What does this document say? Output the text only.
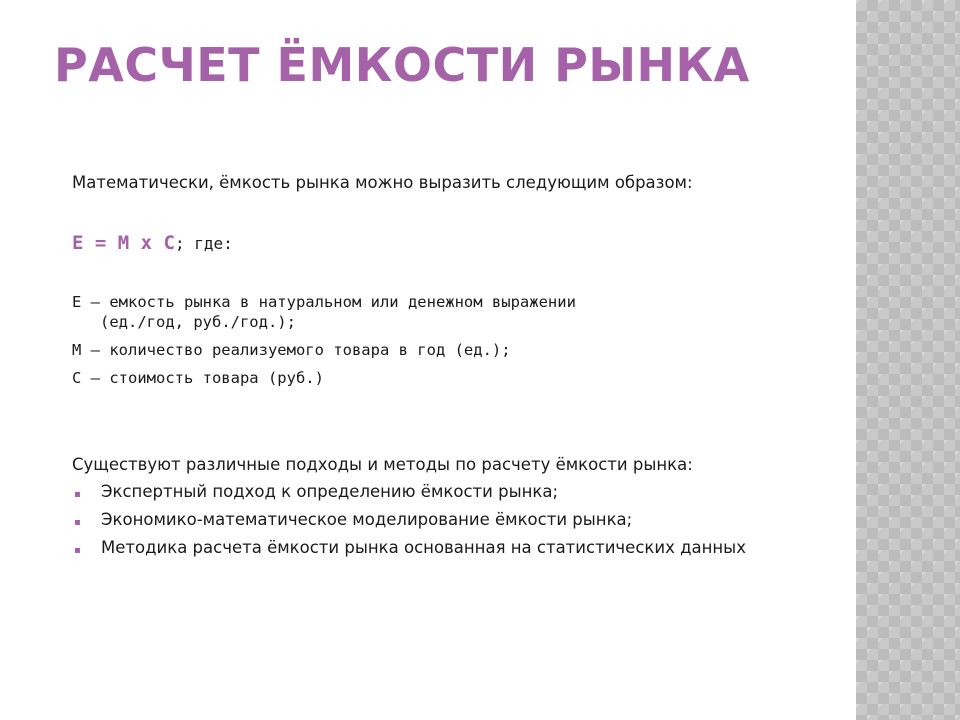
РАСЧЕТ ЁМКОСТИ РЫНКА

Математически, ёмкость рынка можно выразить следующим образом:

E = M x C; где:

E – емкость рынка в натуральном или денежном выражении
(ед./год, руб./год.);
M – количество реализуемого товара в год (ед.);
C – стоимость товара (руб.)

Существуют различные подходы и методы по расчету ёмкости рынка:

▪ Экспертный подход к определению ёмкости рынка;
▪ Экономико-математическое моделирование ёмкости рынка;
▪ Методика расчета ёмкости рынка основанная на статистических данных
